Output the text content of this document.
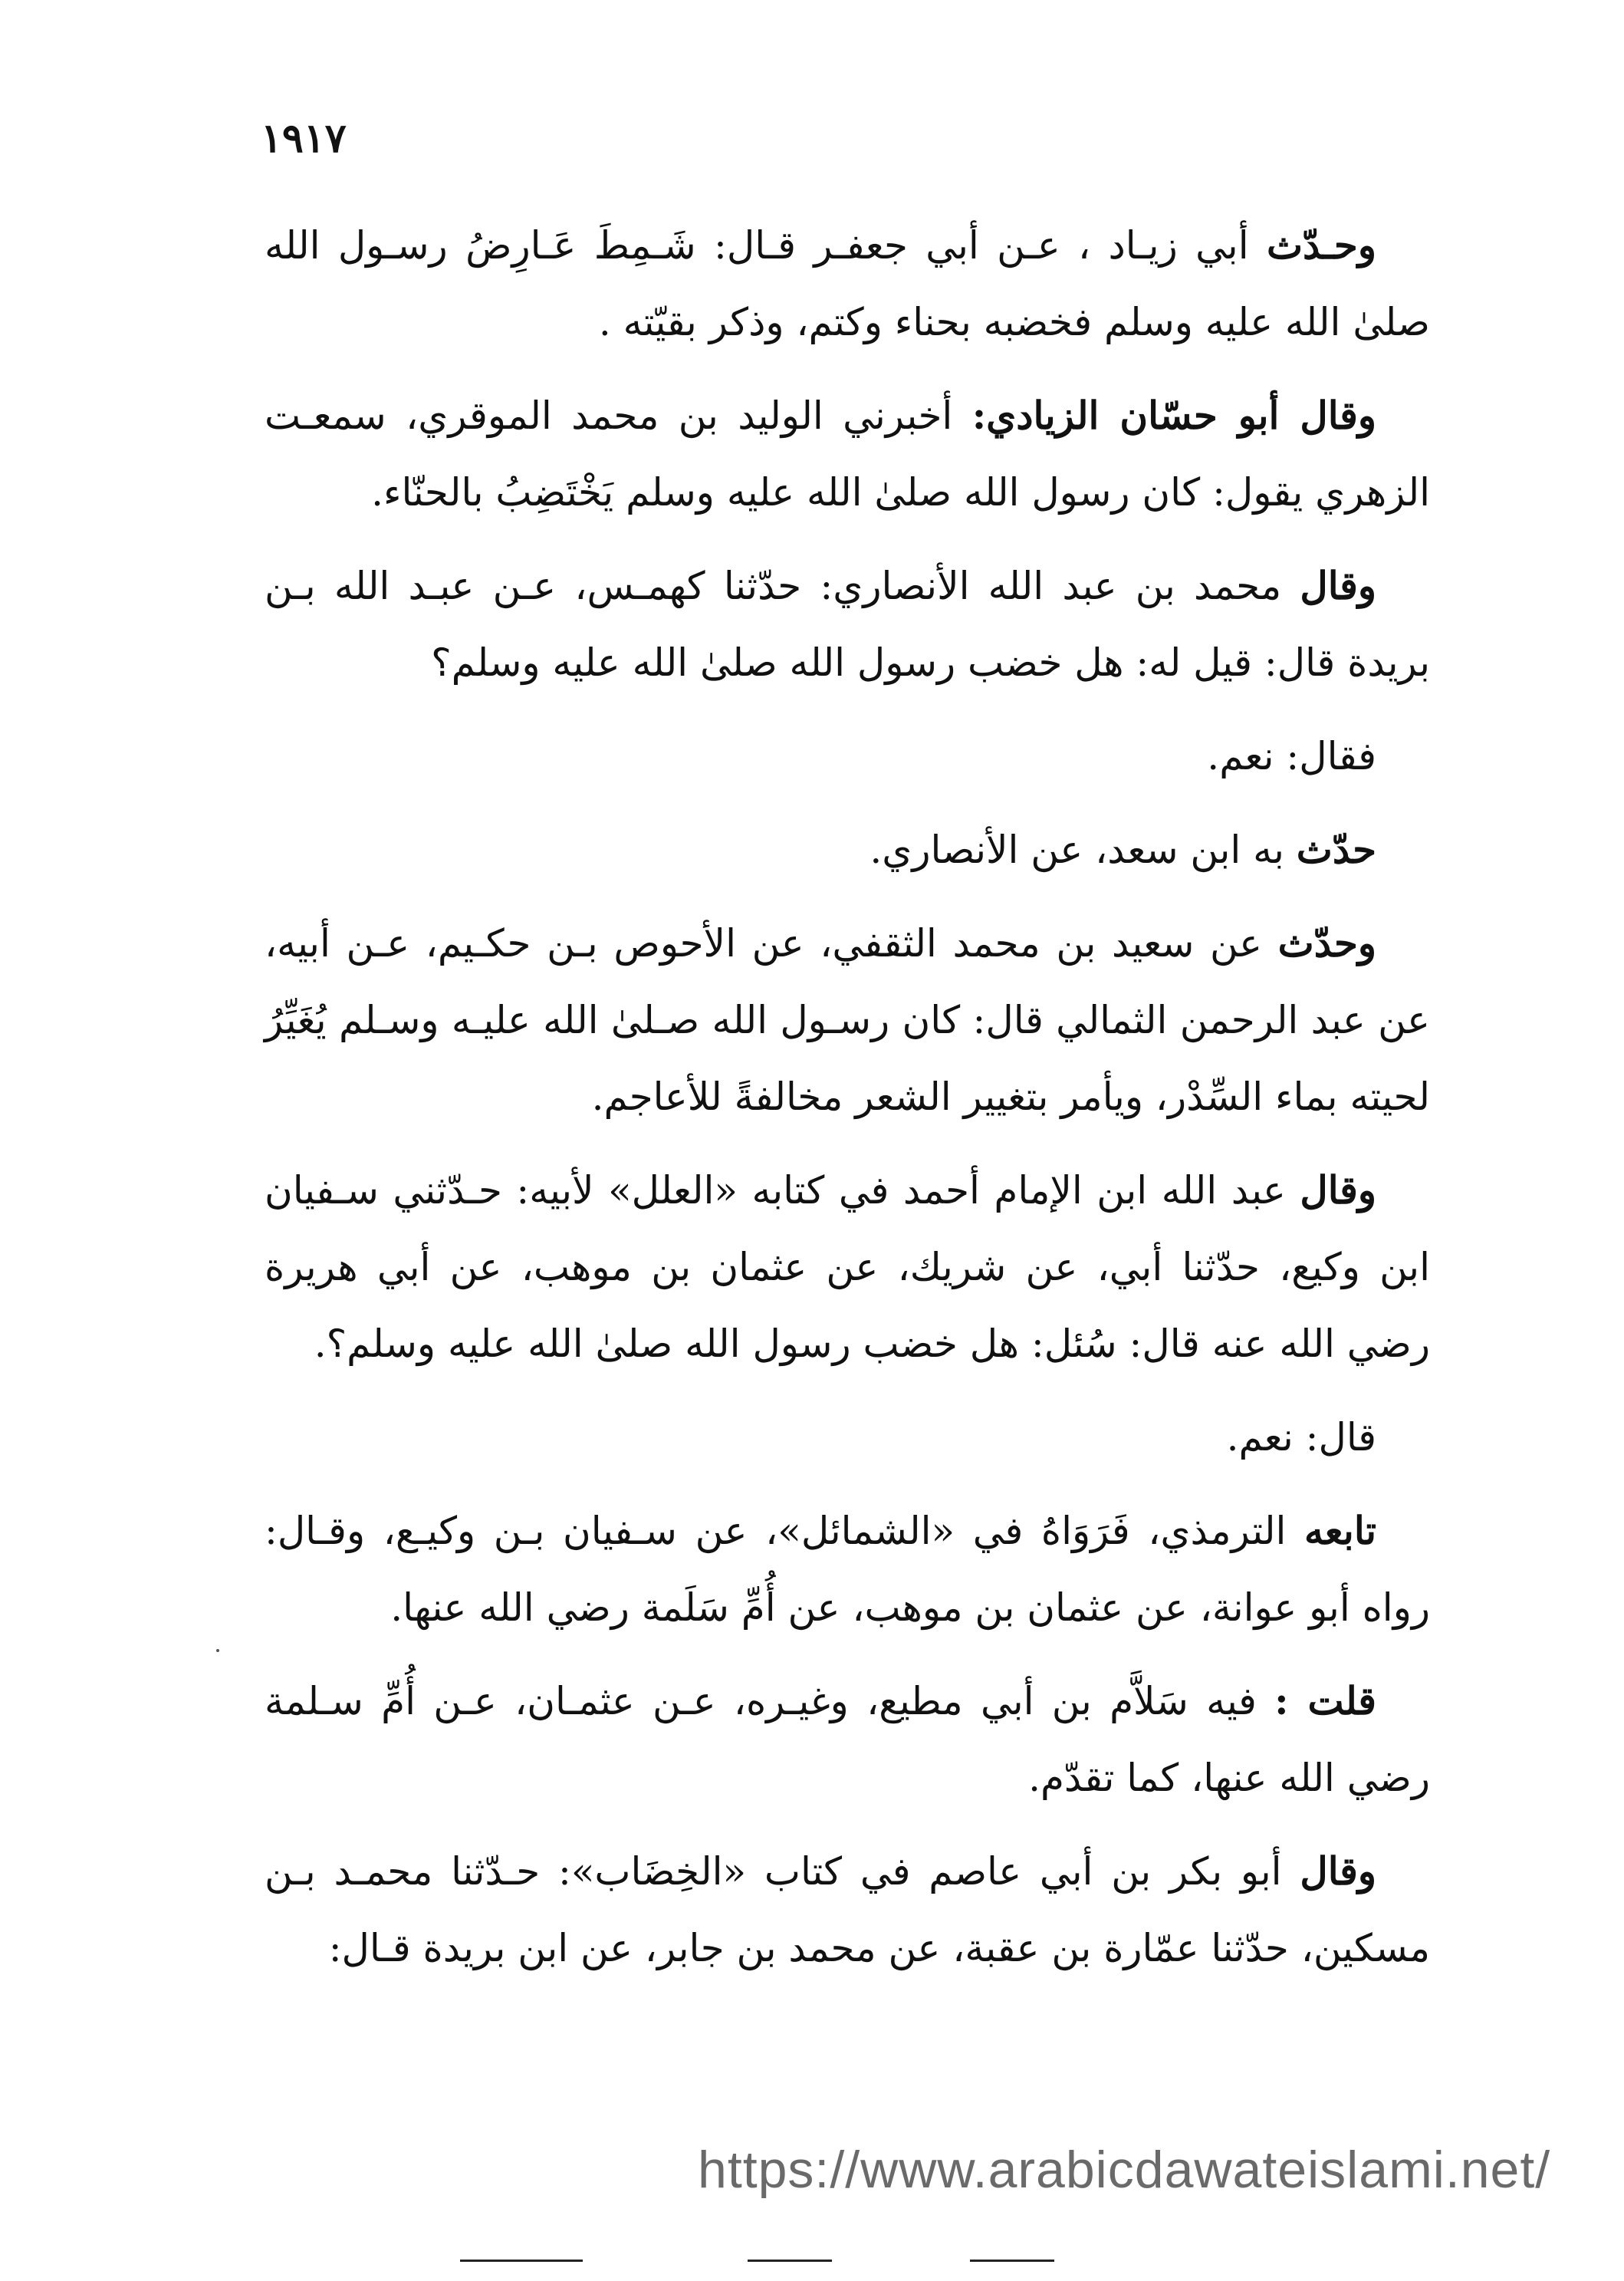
١٩١٧

وحـدّث أبي زيـاد ، عـن أبي جعفـر قـال: شَـمِطَ عَـارِضُ رسـول الله صلىٰ الله عليه وسلم فخضبه بحناء وكتم، وذكر بقيّته .

وقال أبو حسّان الزيادي: أخبرني الوليد بن محمد الموقري، سمعـت الزهري يقول: كان رسول الله صلىٰ الله عليه وسلم يَخْتَضِبُ بالحنّاء.

وقال محمد بن عبد الله الأنصاري: حدّثنا كهمـس، عـن عبـد الله بـن بريدة قال: قيل له: هل خضب رسول الله صلىٰ الله عليه وسلم؟

فقال: نعم.

حدّث به ابن سعد، عن الأنصاري.

وحدّث عن سعيد بن محمد الثقفي، عن الأحوص بـن حكـيم، عـن أبيه، عن عبد الرحمن الثمالي قال: كان رسـول الله صـلىٰ الله عليـه وسـلم يُغَيِّرُ لحيته بماء السِّدْر، ويأمر بتغيير الشعر مخالفةً للأعاجم.

وقال عبد الله ابن الإمام أحمد في كتابه «العلل» لأبيه: حـدّثني سـفيان ابن وكيع، حدّثنا أبي، عن شريك، عن عثمان بن موهب، عن أبي هريرة رضي الله عنه قال: سُئل: هل خضب رسول الله صلىٰ الله عليه وسلم؟.

قال: نعم.

تابعه الترمذي، فَرَوَاهُ في «الشمائل»، عن سـفيان بـن وكيـع، وقـال: رواه أبو عوانة، عن عثمان بن موهب، عن أُمِّ سَلَمة رضي الله عنها.

قلت : فيه سَلاَّم بن أبي مطيع، وغيـره، عـن عثمـان، عـن أُمِّ سـلمة رضي الله عنها، كما تقدّم.

وقال أبو بكر بن أبي عاصم في كتاب «الخِضَاب»: حـدّثنا محمـد بـن مسكين، حدّثنا عمّارة بن عقبة، عن محمد بن جابر، عن ابن بريدة قـال:

https://www.arabicdawateislami.net/
